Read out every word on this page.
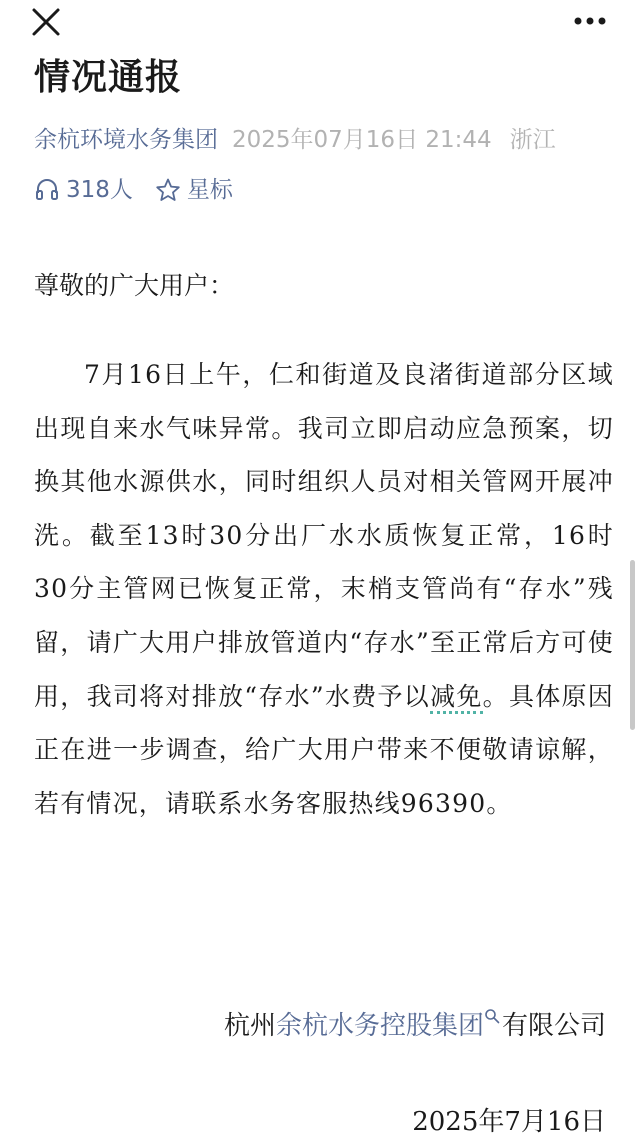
情况通报
余杭环境水务集团 2025年07月16日 21:44 浙江
318人 星标

尊敬的广大用户：

7月16日上午，仁和街道及良渚街道部分区域出现自来水气味异常。我司立即启动应急预案，切换其他水源供水，同时组织人员对相关管网开展冲洗。截至13时30分出厂水水质恢复正常，16时30分主管网已恢复正常，末梢支管尚有“存水”残留，请广大用户排放管道内“存水”至正常后方可使用，我司将对排放“存水”水费予以减免。具体原因正在进一步调查，给广大用户带来不便敬请谅解，若有情况，请联系水务客服热线96390。

杭州余杭水务控股集团 有限公司
2025年7月16日
